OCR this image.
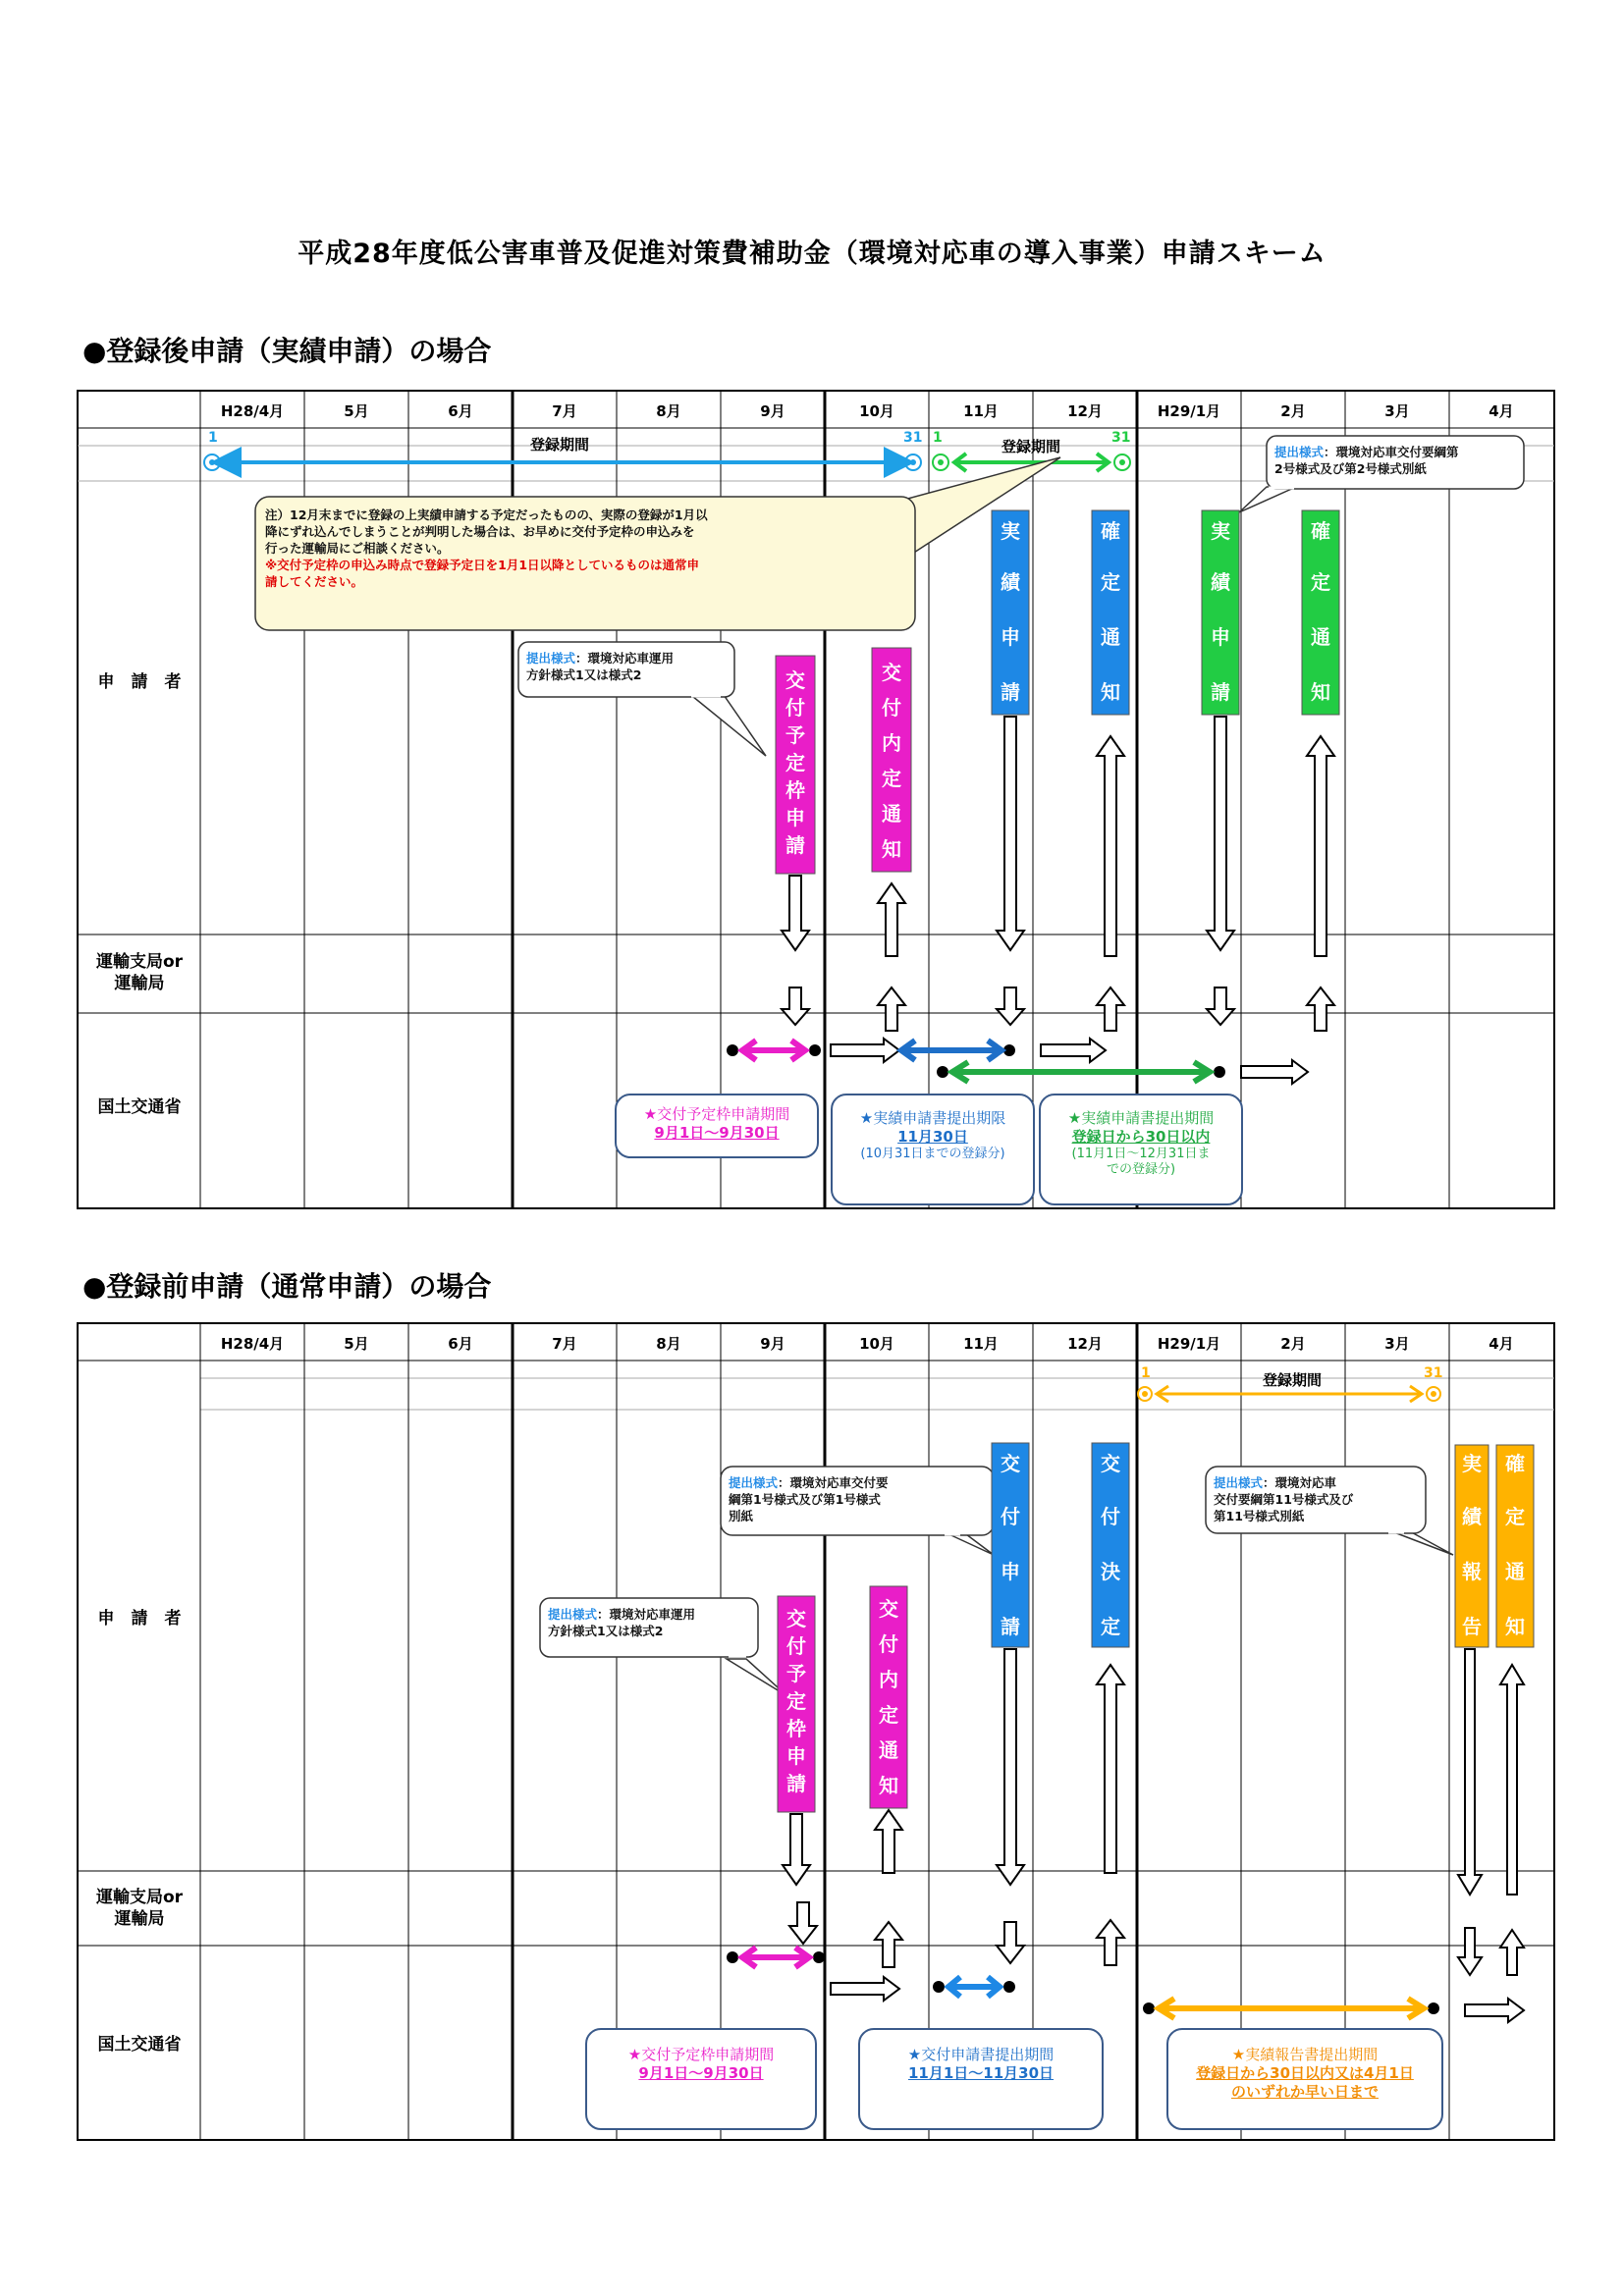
平成28年度低公害車普及促進対策費補助金（環境対応車の導入事業）申請スキーム
●登録後申請（実績申請）の場合
●登録前申請（通常申請）の場合
H28/4月	5月	6月	7月	8月	9月	10月	11月	12月	H29/1月	2月	3月	4月
申　請　者
運輸支局or
運輸局
国土交通省
1	31
登録期間	1	31
登録期間
交
付
予
定
枠
申
請
交
付
内
定
通
知
実
績
申
請
確
定
通
知
実
績
申
請
確
定
通
知
注）12月末までに登録の上実績申請する予定だったものの、実際の登録が1月以
降にずれ込んでしまうことが判明した場合は、お早めに交付予定枠の申込みを
行った運輸局にご相談ください。
※交付予定枠の申込み時点で登録予定日を1月1日以降としているものは通常申
請してください。
提出様式：環境対応車運用
方針様式1又は様式2
提出様式：環境対応車交付要綱第
2号様式及び第2号様式別紙
★交付予定枠申請期間
9月1日～9月30日
★実績申請書提出期限
11月30日
(10月31日までの登録分)
★実績申請書提出期間
登録日から30日以内
(11月1日～12月31日ま
での登録分)
H28/4月	5月	6月	7月	8月	9月	10月	11月	12月	H29/1月	2月	3月	4月
申　請　者
運輸支局or
運輸局
国土交通省
1	31
登録期間
交
付
予
定
枠
申
請
交
付
内
定
通
知
交
付
申
請
交
付
決
定
実
績
報
告
確
定
通
知
提出様式：環境対応車交付要
綱第1号様式及び第1号様式
別紙
提出様式：環境対応車
交付要綱第11号様式及び
第11号様式別紙
提出様式：環境対応車運用
方針様式1又は様式2
★交付予定枠申請期間
9月1日～9月30日
★交付申請書提出期間
11月1日～11月30日
★実績報告書提出期間
登録日から30日以内又は4月1日
のいずれか早い日まで
